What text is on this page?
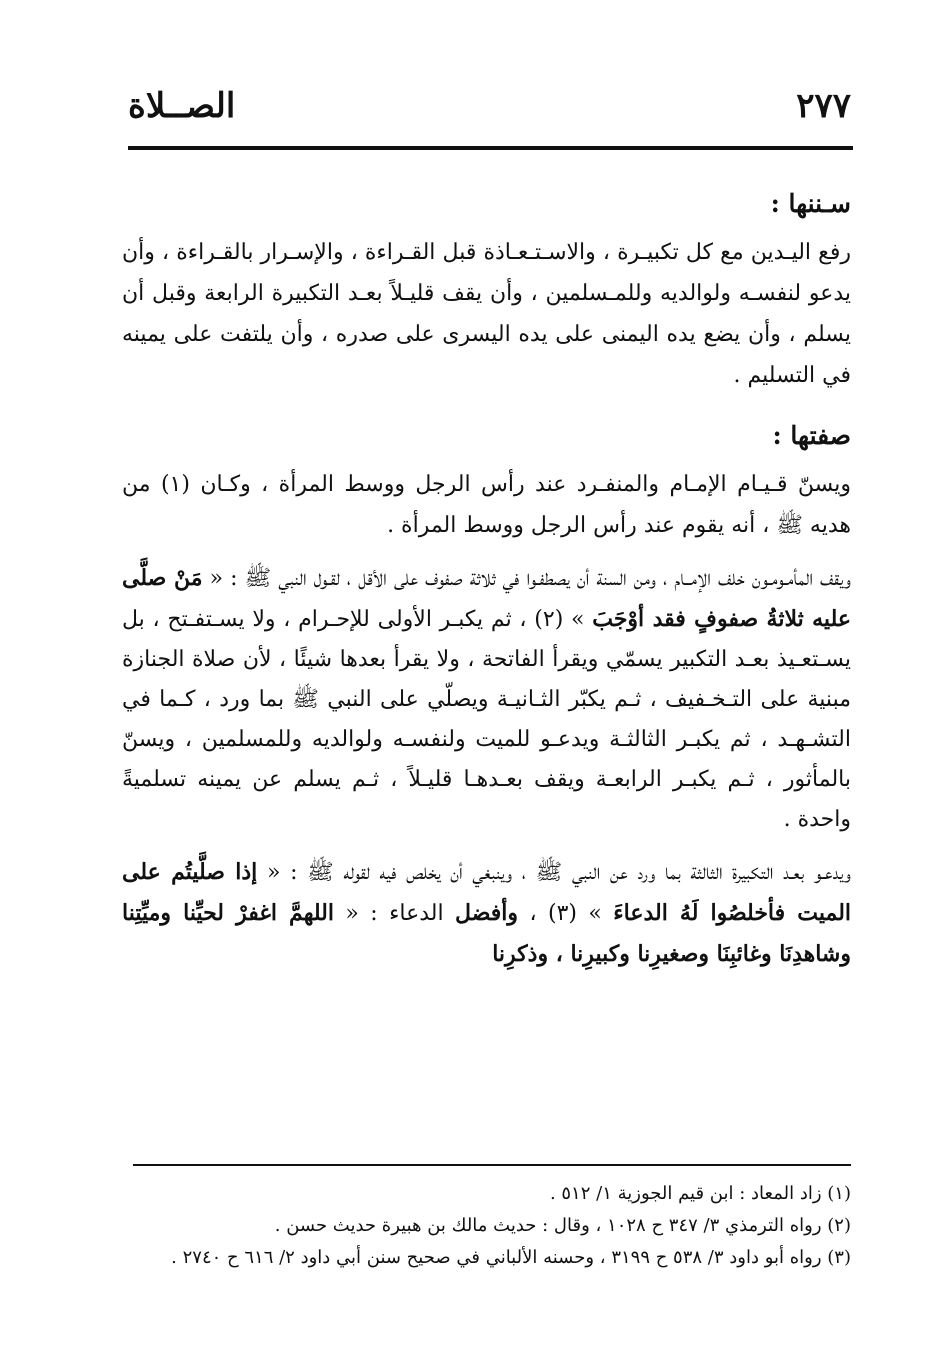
٢٧٧
الصــلاة
سـننها :

رفع اليـدين مع كل تكبيـرة ، والاسـتـعـاذة قبل القـراءة ، والإسـرار بالقـراءة ، وأن يدعو لنفسـه ولوالديه وللمـسلمين ، وأن يقف قليـلاً بعـد التكبيرة الرابعة وقبل أن يسلم ، وأن يضع يده اليمنى على يده اليسرى على صدره ، وأن يلتفت على يمينه في التسليم .

صفتها :

ويسنّ قـيـام الإمـام والمنفـرد عند رأس الرجل ووسط المرأة ، وكـان (١) من هديه ﷺ ، أنه يقوم عند رأس الرجل ووسط المرأة .

ويقف المأمـومـون خلف الإمــام ، ومن السنة أن يصطفـوا في ثلاثة صفوف على الأقل ، لقـول النبي ﷺ : « مَنْ صلَّى عليه ثلاثةُ صفوفٍ فقد أوْجَبَ » (٢) ، ثم يكبـر الأولى للإحـرام ، ولا يسـتفـتح ، بل يسـتعـيذ بعـد التكبير يسمّي ويقرأ الفاتحة ، ولا يقرأ بعدها شيئًا ، لأن صلاة الجنازة مبنية على التـخـفيف ، ثـم يكبّر الثـانيـة ويصلّي على النبي ﷺ بما ورد ، كـما في التشـهـد ، ثم يكبـر الثالثـة ويدعـو للميت ولنفسـه ولوالديه وللمسلمين ، ويسنّ بالمأثور ، ثـم يكبـر الرابعـة ويقف بعـدهـا قليـلاً ، ثـم يسلم عن يمينه تسلميةً واحدة .

ويدعـو بعـد التكبيرة الثالثة بما ورد عن النبي ﷺ ، وينبغي أن يخلص فيه لقوله ﷺ : « إذا صلَّيتُم على الميت فأخلصُوا لَهُ الدعاءَ » (٣) ، وأفضل الدعاء : « اللهمَّ اغفرْ لحيِّنا وميِّتِنا وشاهدِنَا وغائبِنَا وصغيرِنا وكبيرِنا ، وذكرِنا

(١) زاد المعاد : ابن قيم الجوزية ١/ ٥١٢ .
(٢) رواه الترمذي ٣/ ٣٤٧ ح ١٠٢٨ ، وقال : حديث مالك بن هبيرة حديث حسن .
(٣) رواه أبو داود ٣/ ٥٣٨ ح ٣١٩٩ ، وحسنه الألباني في صحيح سنن أبي داود ٢/ ٦١٦ ح ٢٧٤٠ .
